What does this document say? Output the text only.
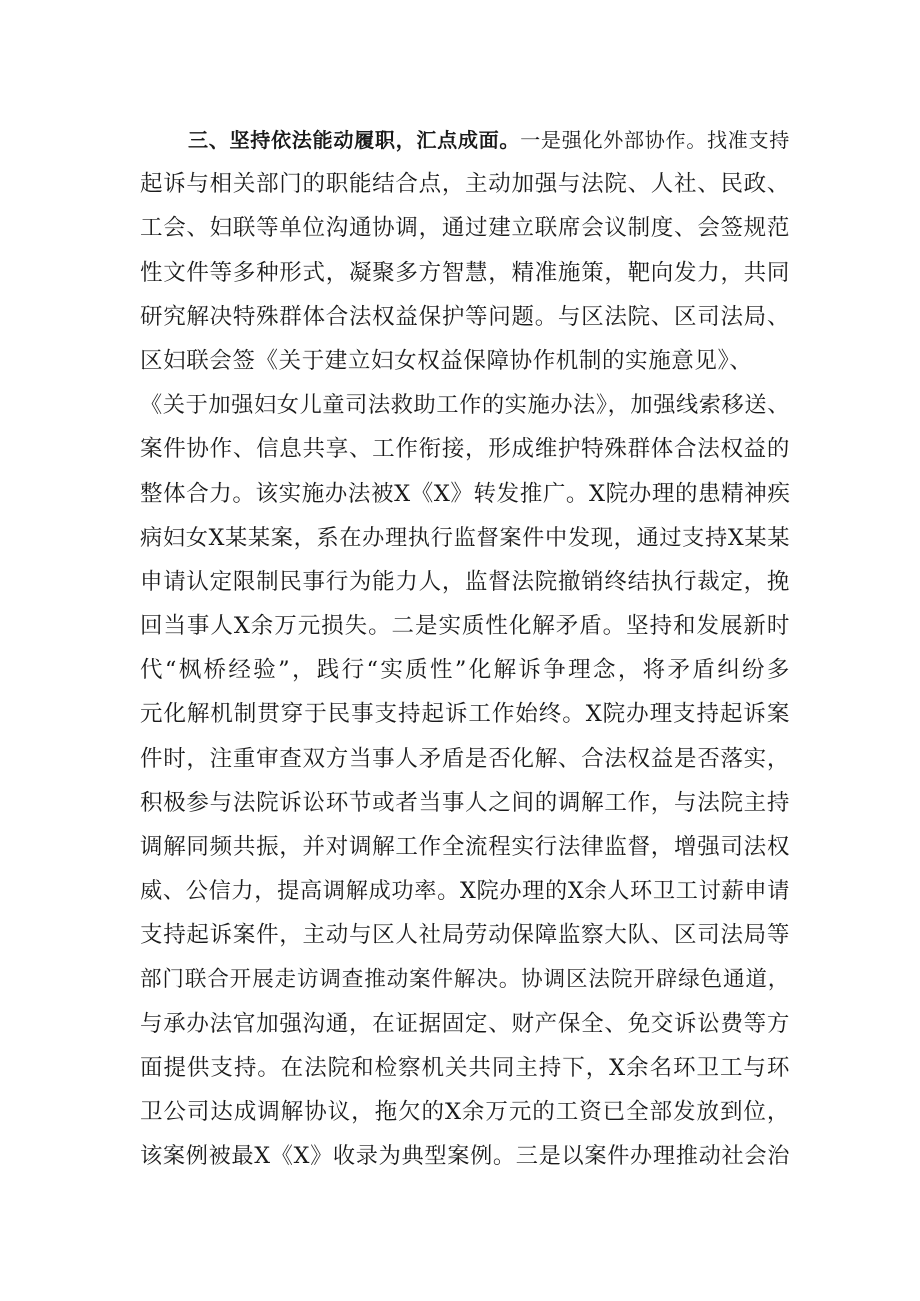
三、坚持依法能动履职，汇点成面。一是强化外部协作。找准支持
起诉与相关部门的职能结合点，主动加强与法院、人社、民政、
工会、妇联等单位沟通协调，通过建立联席会议制度、会签规范
性文件等多种形式，凝聚多方智慧，精准施策，靶向发力，共同
研究解决特殊群体合法权益保护等问题。与区法院、区司法局、
区妇联会签《关于建立妇女权益保障协作机制的实施意见》、
《关于加强妇女儿童司法救助工作的实施办法》，加强线索移送、
案件协作、信息共享、工作衔接，形成维护特殊群体合法权益的
整体合力。该实施办法被X《X》转发推广。X院办理的患精神疾
病妇女X某某案，系在办理执行监督案件中发现，通过支持X某某
申请认定限制民事行为能力人，监督法院撤销终结执行裁定，挽
回当事人X余万元损失。二是实质性化解矛盾。坚持和发展新时
代“枫桥经验”，践行“实质性”化解诉争理念，将矛盾纠纷多
元化解机制贯穿于民事支持起诉工作始终。X院办理支持起诉案
件时，注重审查双方当事人矛盾是否化解、合法权益是否落实，
积极参与法院诉讼环节或者当事人之间的调解工作，与法院主持
调解同频共振，并对调解工作全流程实行法律监督，增强司法权
威、公信力，提高调解成功率。X院办理的X余人环卫工讨薪申请
支持起诉案件，主动与区人社局劳动保障监察大队、区司法局等
部门联合开展走访调查推动案件解决。协调区法院开辟绿色通道，
与承办法官加强沟通，在证据固定、财产保全、免交诉讼费等方
面提供支持。在法院和检察机关共同主持下，X余名环卫工与环
卫公司达成调解协议，拖欠的X余万元的工资已全部发放到位，
该案例被最X《X》收录为典型案例。三是以案件办理推动社会治
